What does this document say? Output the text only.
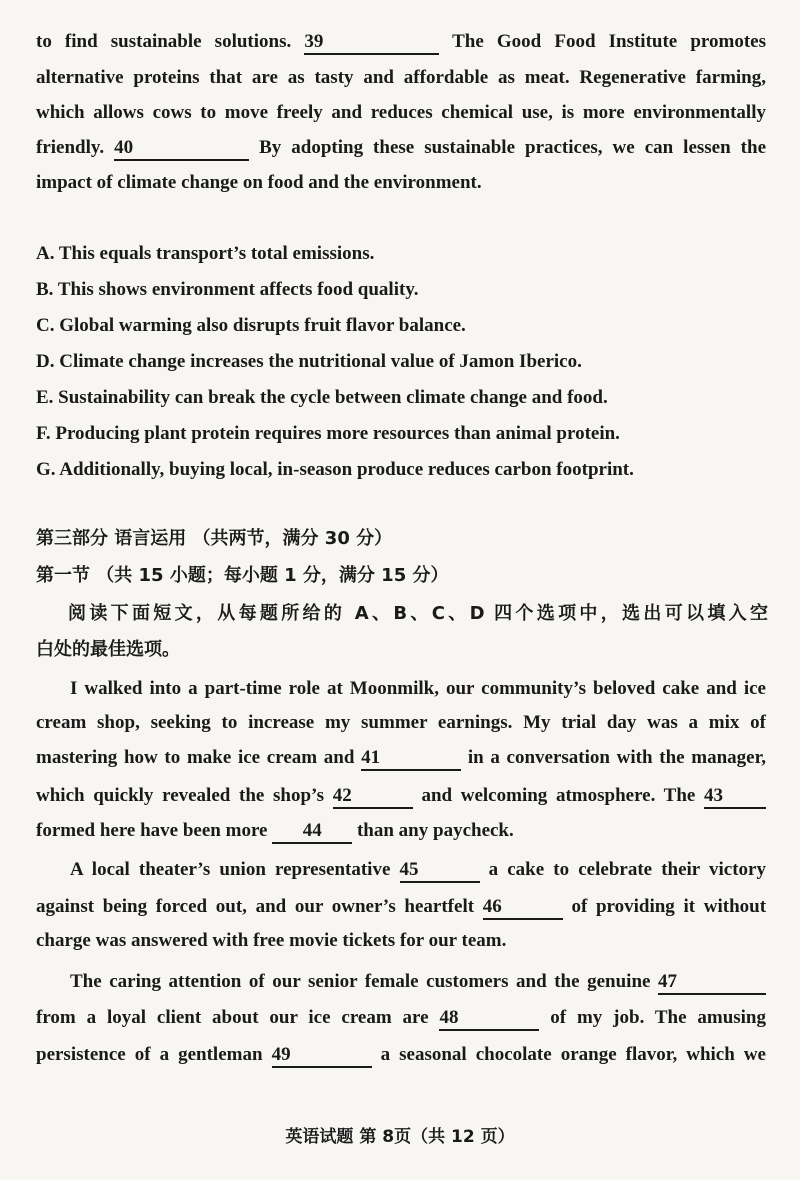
to find sustainable solutions. 39	The Good Food Institute promotes
alternative proteins that are as tasty and affordable as meat. Regenerative farming,
which allows cows to move freely and reduces chemical use, is more environmentally
friendly. 40	By adopting these sustainable practices, we can lessen the
impact of climate change on food and the environment.
A. This equals transport’s total emissions.
B. This shows environment affects food quality.
C. Global warming also disrupts fruit flavor balance.
D. Climate change increases the nutritional value of Jamon Iberico.
E. Sustainability can break the cycle between climate change and food.
F. Producing plant protein requires more resources than animal protein.
G. Additionally, buying local, in-season produce reduces carbon footprint.
第三部分 语言运用 （共两节，满分 30 分）
第一节 （共 15 小题；每小题 1 分，满分 15 分）
阅读下面短文，从每题所给的 A、B、C、D 四个选项中，选出可以填入空
白处的最佳选项。
I walked into a part-time role at Moonmilk, our community’s beloved cake and ice
cream shop, seeking to increase my summer earnings. My trial day was a mix of
mastering how to make ice cream and 41	in a conversation with the manager,
which quickly revealed the shop’s 42	and welcoming atmosphere. The 43
formed here have been more 44 than any paycheck.
A local theater’s union representative 45	a cake to celebrate their victory
against being forced out, and our owner’s heartfelt 46	of providing it without
charge was answered with free movie tickets for our team.
The caring attention of our senior female customers and the genuine 47
from a loyal client about our ice cream are 48	of my job. The amusing
persistence of a gentleman 49	a seasonal chocolate orange flavor, which we
英语试题 第 8页（共 12 页）
